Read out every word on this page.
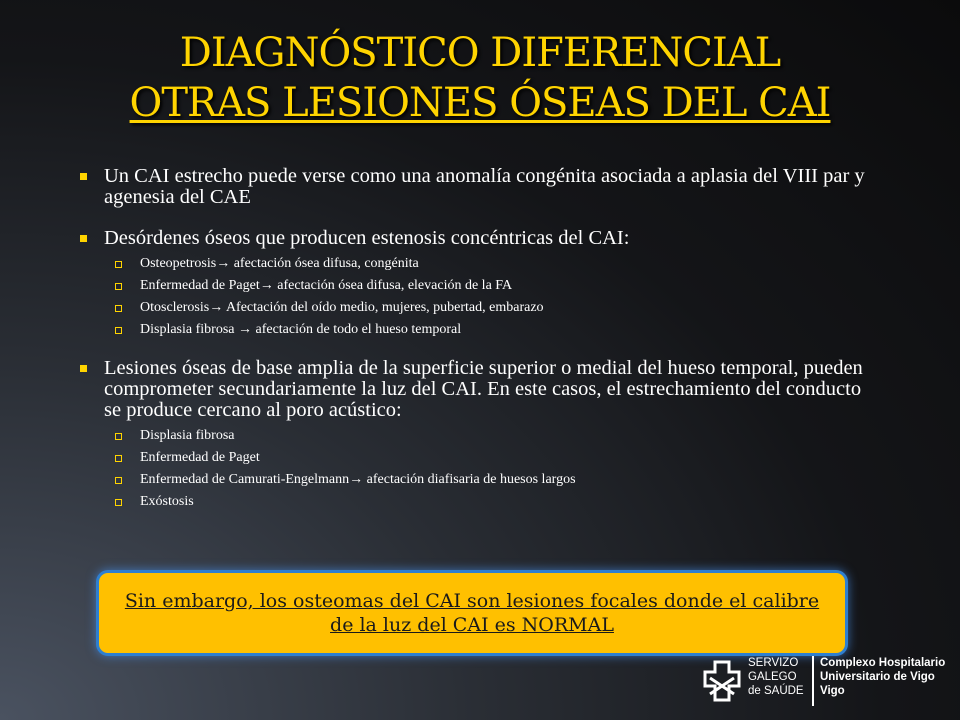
DIAGNÓSTICO DIFERENCIAL
OTRAS LESIONES ÓSEAS DEL CAI
Un CAI estrecho puede verse como una anomalía congénita asociada a aplasia del VIII par y agenesia del CAE
Desórdenes óseos que producen estenosis concéntricas del CAI:
Osteopetrosis→ afectación ósea difusa, congénita
Enfermedad de Paget→ afectación ósea difusa, elevación de la FA
Otosclerosis→ Afectación del oído medio, mujeres, pubertad, embarazo
Displasia fibrosa → afectación de todo el hueso temporal
Lesiones óseas de base amplia de la superficie superior o medial del hueso temporal, pueden comprometer secundariamente la luz del CAI. En este casos, el estrechamiento del conducto se produce cercano al poro acústico:
Displasia fibrosa
Enfermedad de Paget
Enfermedad de Camurati-Engelmann→ afectación diafisaria de huesos largos
Exóstosis
Sin embargo, los osteomas del CAI son lesiones focales donde el calibre de la luz del CAI es NORMAL
SERVIZO
GALEGO
de SAÚDE
Complexo Hospitalario
Universitario de Vigo
Vigo
